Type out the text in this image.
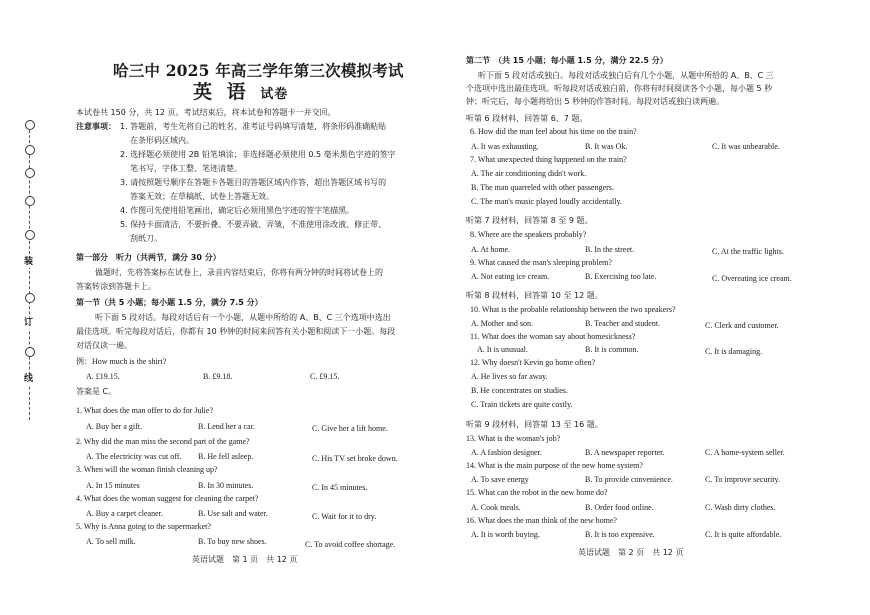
装
订
线
哈三中 2025 年高三学年第三次模拟考试
英 语 试卷
本试卷共 150 分，共 12 页。考试结束后，将本试卷和答题卡一并交回。
注意事项： 1. 答题前，考生先将自己的姓名、准考证号码填写清楚，将条形码准确粘贴
在条形码区域内。
2. 选择题必须使用 2B 铅笔填涂；非选择题必须使用 0.5 毫米黑色字迹的签字
笔书写，字体工整、笔迹清楚。
3. 请按照题号顺序在答题卡各题目的答题区域内作答，超出答题区域书写的
答案无效；在草稿纸、试卷上答题无效。
4. 作图可先使用铅笔画出，确定后必须用黑色字迹的签字笔描黑。
5. 保持卡面清洁，不要折叠、不要弄破、弄皱，不准使用涂改液、修正带、
刮纸刀。
第一部分　听力（共两节，满分 30 分）
做题时，先将答案标在试卷上，录音内容结束后，你将有两分钟的时间将试卷上的
答案转涂到答题卡上。
第一节（共 5 小题；每小题 1.5 分，满分 7.5 分）
听下面 5 段对话。每段对话后有一个小题，从题中所给的 A、B、C 三个选项中选出
最佳选项。听完每段对话后，你都有 10 秒钟的时间来回答有关小题和阅读下一小题。每段
对话仅读一遍。
例：How much is the shirt?
A. £19.15.	B. £9.18.	C. £9.15.
答案是 C。
1. What does the man offer to do for Julie?
A. Buy her a gift.	B. Lend her a car.	C. Give her a lift home.
2. Why did the man miss the second part of the game?
A. The electricity was cut off. B. He fell asleep.	C. His TV set broke down.
3. When will the woman finish cleaning up?
A. In 15 minutes	B. In 30 minutes.	C. In 45 minutes.
4. What does the woman suggest for cleaning the carpet?
A. Buy a carpet cleaner.	B. Use salt and water.	C. Wait for it to dry.
5. Why is Anna going to the supermarket?
A. To sell milk.	B. To buy new shoes.	C. To avoid coffee shortage.
英语试题　第 1 页　共 12 页
第二节　（共 15 小题；每小题 1.5 分，满分 22.5 分）
听下面 5 段对话或独白。每段对话或独白后有几个小题，从题中所给的 A、B、C 三
个选项中选出最佳选项。听每段对话或独白前，你将有时间阅读各个小题，每小题 5 秒
钟；听完后，每小题将给出 5 秒钟的作答时间。每段对话或独白读两遍。
听第 6 段材料，回答第 6、7 题。
6. How did the man feel about his time on the train?
A. It was exhausting.	B. It was Ok.	C. It was unbearable.
7. What unexpected thing happened on the train?
A. The air conditioning didn't work.
B. The man quarreled with other passengers.
C. The man's music played loudly accidentally.
听第 7 段材料，回答第 8 至 9 题。
8. Where are the speakers probably?
A. At home.	B. In the street.	C. At the traffic lights.
9. What caused the man's sleeping problem?
A. Not eating ice cream.	B. Exercising too late.	C. Overeating ice cream.
听第 8 段材料，回答第 10 至 12 题。
10. What is the probable relationship between the two speakers?
A. Mother and son.	B. Teacher and student.	C. Clerk and customer.
11. What does the woman say about homesickness?
A. It is unusual.	B. It is common.	C. It is damaging.
12. Why doesn't Kevin go home often?
A. He lives so far away.
B. He concentrates on studies.
C. Train tickets are quite costly.
听第 9 段材料，回答第 13 至 16 题。
13. What is the woman's job?
A. A fashion designer.	B. A newspaper reporter.	C. A home-system seller.
14. What is the main purpose of the new home system?
A. To save energy	B. To provide convenience.	C. To improve security.
15. What can the robot in the new home do?
A. Cook meals.	B. Order food online.	C. Wash dirty clothes.
16. What does the man think of the new home?
A. It is worth buying.	B. It is too expensive.	C. It is quite affordable.
英语试题　第 2 页　共 12 页
